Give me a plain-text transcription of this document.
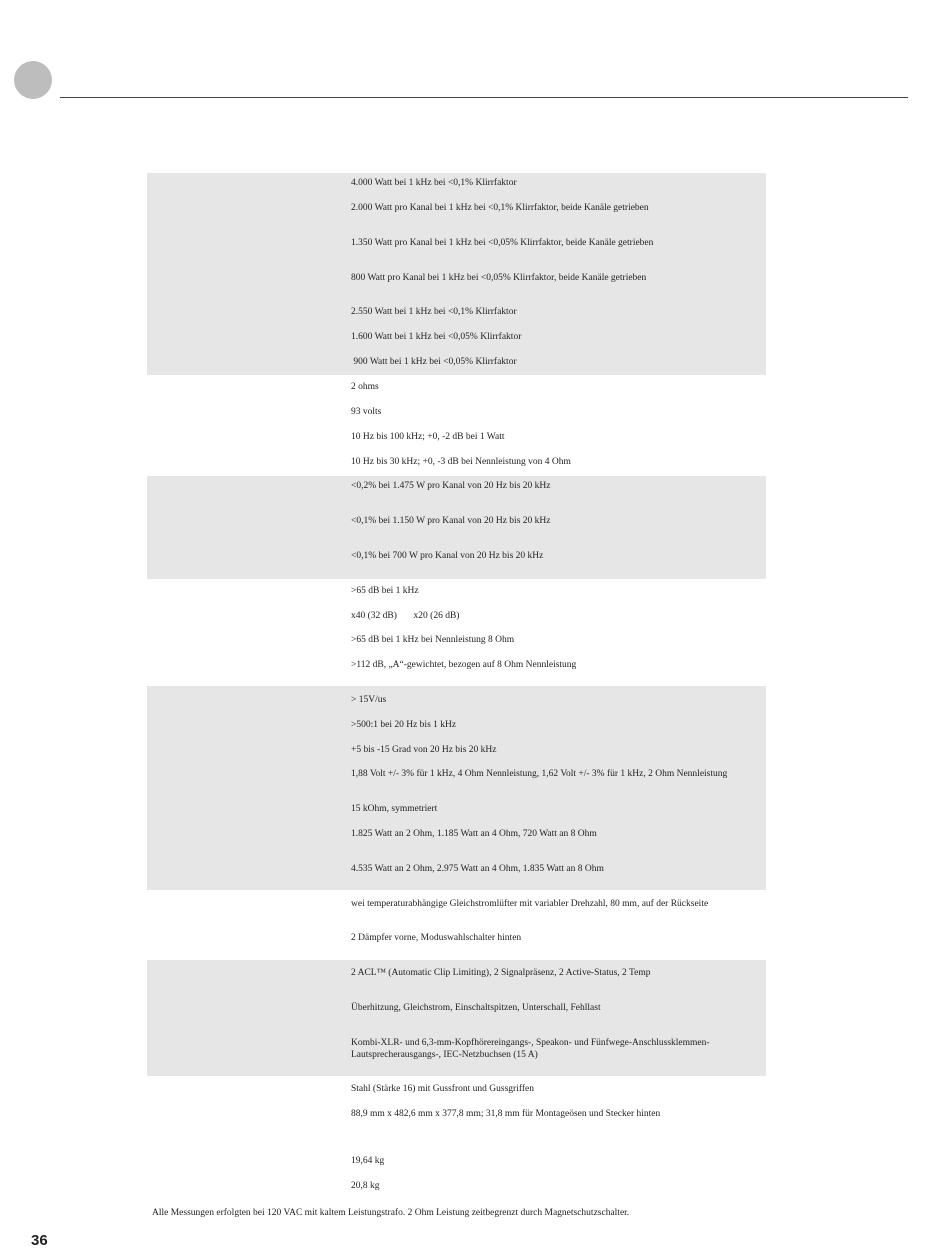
4.000 Watt bei 1 kHz bei <0,1% Klirrfaktor
2.000 Watt pro Kanal bei 1 kHz bei <0,1% Klirrfaktor, beide Kanäle getrieben
1.350 Watt pro Kanal bei 1 kHz bei <0,05% Klirrfaktor, beide Kanäle getrieben
800 Watt pro Kanal bei 1 kHz bei <0,05% Klirrfaktor, beide Kanäle getrieben
2.550 Watt bei 1 kHz bei <0,1% Klirrfaktor
1.600 Watt bei 1 kHz bei <0,05% Klirrfaktor
900 Watt bei 1 kHz bei <0,05% Klirrfaktor
2 ohms
93 volts
10 Hz bis 100 kHz; +0, -2 dB bei 1 Watt
10 Hz bis 30 kHz; +0, -3 dB bei Nennleistung von 4 Ohm
<0,2% bei 1.475 W pro Kanal von 20 Hz bis 20 kHz
<0,1% bei 1.150 W pro Kanal von 20 Hz bis 20 kHz
<0,1% bei 700 W pro Kanal von 20 Hz bis 20 kHz
>65 dB bei 1 kHz
x40 (32 dB)       x20 (26 dB)
>65 dB bei 1 kHz bei Nennleistung 8 Ohm
>112 dB, „A“-gewichtet, bezogen auf 8 Ohm Nennleistung
> 15V/us
>500:1 bei 20 Hz bis 1 kHz
+5 bis -15 Grad von 20 Hz bis 20 kHz
1,88 Volt +/- 3% für 1 kHz, 4 Ohm Nennleistung, 1,62 Volt +/- 3% für 1 kHz, 2 Ohm Nennleistung
15 kOhm, symmetriert
1.825 Watt an 2 Ohm, 1.185 Watt an 4 Ohm, 720 Watt an 8 Ohm
4.535 Watt an 2 Ohm, 2.975 Watt an 4 Ohm, 1.835 Watt an 8 Ohm
wei temperaturabhängige Gleichstromlüfter mit variabler Drehzahl, 80 mm, auf der Rückseite
2 Dämpfer vorne, Moduswahlschalter hinten
2 ACL™ (Automatic Clip Limiting), 2 Signalpräsenz, 2 Active-Status, 2 Temp
Überhitzung, Gleichstrom, Einschaltspitzen, Unterschall, Fehllast
Kombi-XLR- und 6,3-mm-Kopfhörereingangs-, Speakon- und Fünfwege-Anschlussklemmen-Lautsprecherausgangs-, IEC-Netzbuchsen (15 A)
Stahl (Stärke 16) mit Gussfront und Gussgriffen
88,9 mm x 482,6 mm x 377,8 mm; 31,8 mm für Montageösen und Stecker hinten
19,64 kg
20,8 kg
Alle Messungen erfolgten bei 120 VAC mit kaltem Leistungstrafo. 2 Ohm Leistung zeitbegrenzt durch Magnetschutzschalter.
36
